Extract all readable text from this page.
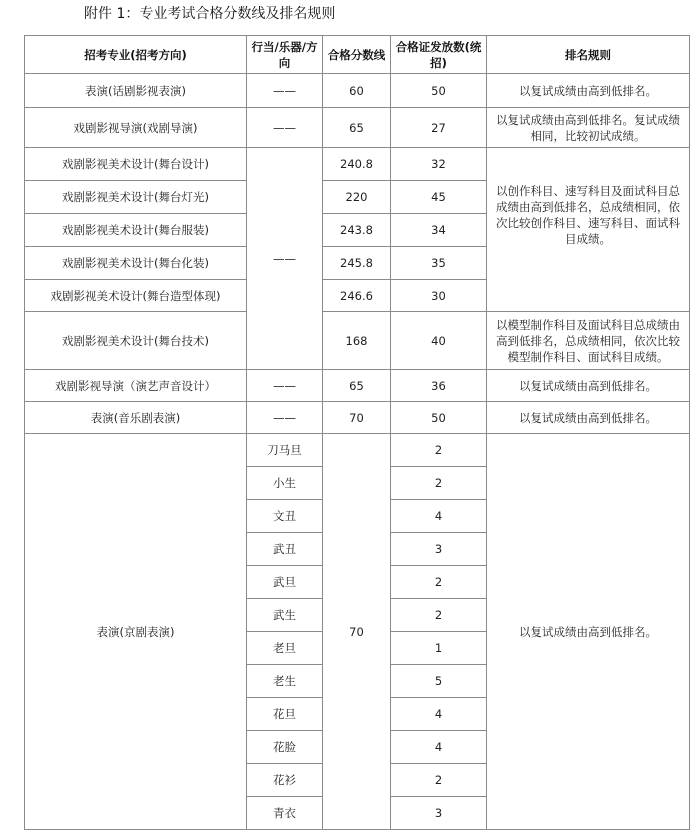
附件 1：专业考试合格分数线及排名规则
招考专业(招考方向)	行当/乐器/方向	合格分数线	合格证发放数(统招)	排名规则
表演(话剧影视表演)	——	60	50	以复试成绩由高到低排名。
戏剧影视导演(戏剧导演)	——	65	27	以复试成绩由高到低排名。复试成绩相同，比较初试成绩。
戏剧影视美术设计(舞台设计)	——	240.8	32	以创作科目、速写科目及面试科目总成绩由高到低排名，总成绩相同，依次比较创作科目、速写科目、面试科目成绩。
戏剧影视美术设计(舞台灯光)		220	45	
戏剧影视美术设计(舞台服装)		243.8	34	
戏剧影视美术设计(舞台化装)		245.8	35	
戏剧影视美术设计(舞台造型体现)		246.6	30	
戏剧影视美术设计(舞台技术)		168	40	以模型制作科目及面试科目总成绩由高到低排名，总成绩相同，依次比较模型制作科目、面试科目成绩。
戏剧影视导演（演艺声音设计）	——	65	36	以复试成绩由高到低排名。
表演(音乐剧表演)	——	70	50	以复试成绩由高到低排名。
表演(京剧表演)	刀马旦	70	2	以复试成绩由高到低排名。
	小生		2	
	文丑		4	
	武丑		3	
	武旦		2	
	武生		2	
	老旦		1	
	老生		5	
	花旦		4	
	花脸		4	
	花衫		2	
	青衣		3	
